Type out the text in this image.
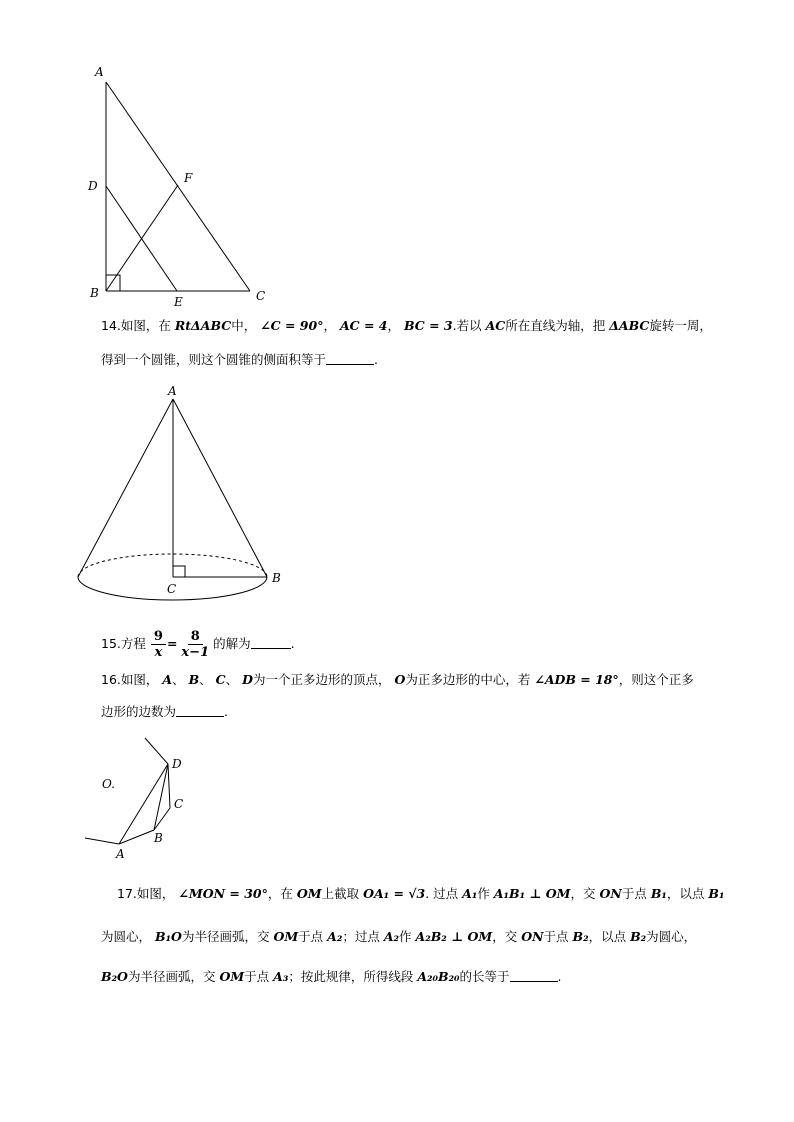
A
D
F
B
E	C
14.如图，在 RtΔABC中， ∠C = 90°， AC = 4， BC = 3.若以 AC所在直线为轴，把 ΔABC旋转一周，
得到一个圆锥，则这个圆锥的侧面积等于	.
A
C
B
15.方程 $\frac{9}{x} = \frac{8}{x-1}$ 的解为	.
16.如图， A、 B、 C、 D为一个正多边形的顶点， O为正多边形的中心，若 ∠ADB = 18°，则这个正多
边形的边数为	.
O.
D
C
B
A
17.如图， ∠MON = 30°，在 OM上截取 OA₁ = √3. 过点 A₁作 A₁B₁ ⊥ OM，交 ON于点 B₁，以点 B₁
为圆心， B₁O为半径画弧，交 OM于点 A₂；过点 A₂作 A₂B₂ ⊥ OM，交 ON于点 B₂，以点 B₂为圆心，
B₂O为半径画弧，交 OM于点 A₃；按此规律，所得线段 A₂₀B₂₀的长等于	.
